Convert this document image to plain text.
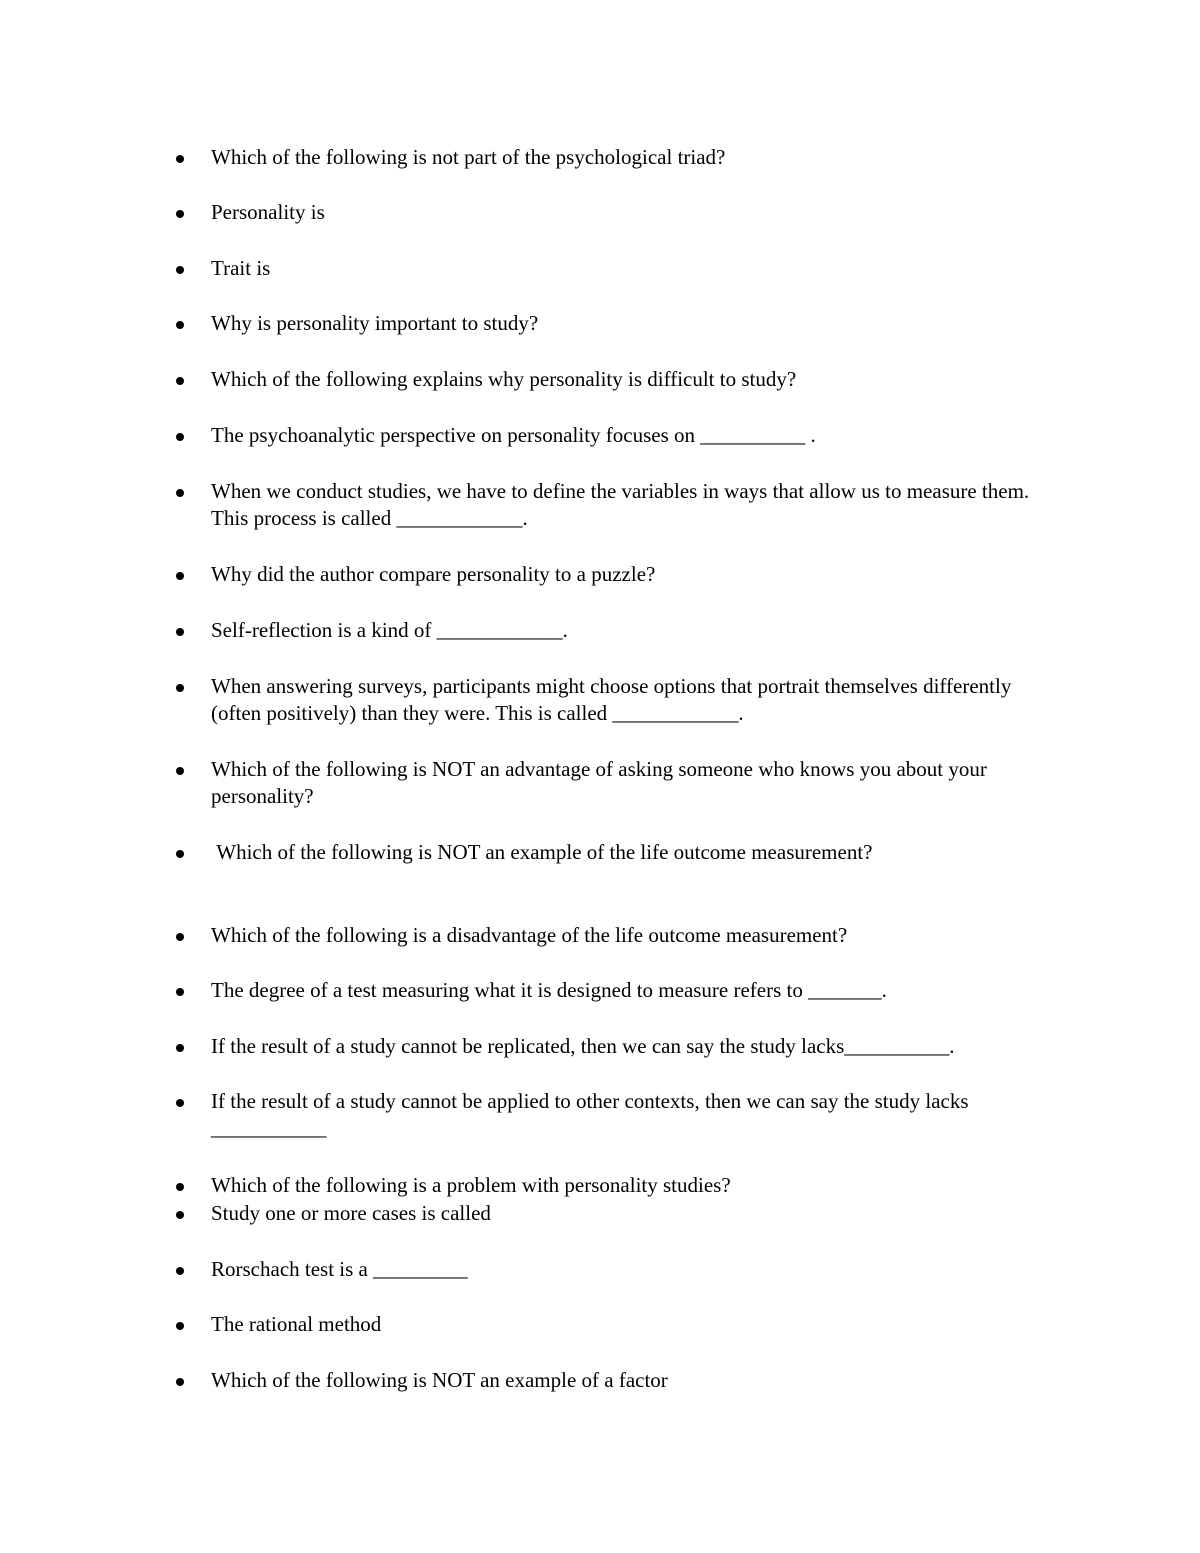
Which of the following is not part of the psychological triad?
Personality is
Trait is
Why is personality important to study?
Which of the following explains why personality is difficult to study?
The psychoanalytic perspective on personality focuses on __________ .
When we conduct studies, we have to define the variables in ways that allow us to measure them. This process is called ____________.
Why did the author compare personality to a puzzle?
Self-reflection is a kind of ____________.
When answering surveys, participants might choose options that portrait themselves differently (often positively) than they were. This is called ____________.
Which of the following is NOT an advantage of asking someone who knows you about your personality?
Which of the following is NOT an example of the life outcome measurement?
Which of the following is a disadvantage of the life outcome measurement?
The degree of a test measuring what it is designed to measure refers to _______.
If the result of a study cannot be replicated, then we can say the study lacks__________.
If the result of a study cannot be applied to other contexts, then we can say the study lacks ___________
Which of the following is a problem with personality studies?
Study one or more cases is called
Rorschach test is a _________
The rational method
Which of the following is NOT an example of a factor
